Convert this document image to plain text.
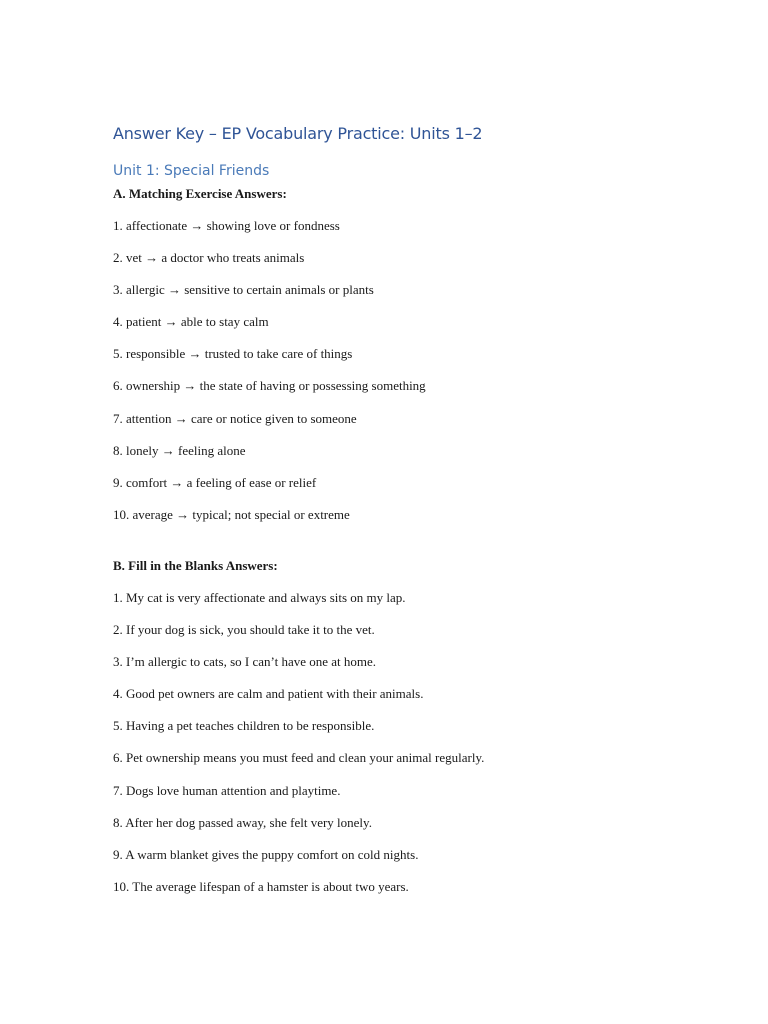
Answer Key – EP Vocabulary Practice: Units 1–2
Unit 1: Special Friends

A. Matching Exercise Answers:

1. affectionate → showing love or fondness
2. vet → a doctor who treats animals
3. allergic → sensitive to certain animals or plants
4. patient → able to stay calm
5. responsible → trusted to take care of things
6. ownership → the state of having or possessing something
7. attention → care or notice given to someone
8. lonely → feeling alone
9. comfort → a feeling of ease or relief
10. average → typical; not special or extreme

B. Fill in the Blanks Answers:

1. My cat is very affectionate and always sits on my lap.
2. If your dog is sick, you should take it to the vet.
3. I’m allergic to cats, so I can’t have one at home.
4. Good pet owners are calm and patient with their animals.
5. Having a pet teaches children to be responsible.
6. Pet ownership means you must feed and clean your animal regularly.
7. Dogs love human attention and playtime.
8. After her dog passed away, she felt very lonely.
9. A warm blanket gives the puppy comfort on cold nights.
10. The average lifespan of a hamster is about two years.
